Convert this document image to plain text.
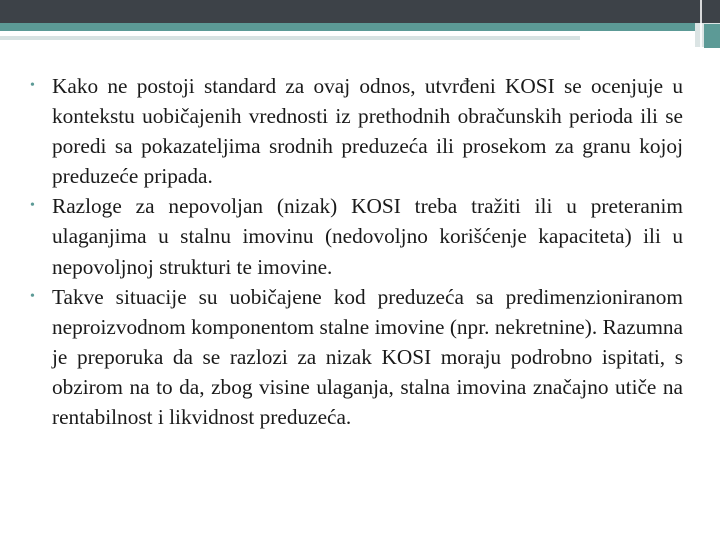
• Kako ne postoji standard za ovaj odnos, utvrđeni KOSI se ocenjuje u kontekstu uobičajenih vrednosti iz prethodnih obračunskih perioda ili se poredi sa pokazateljima srodnih preduzeća ili prosekom za granu kojoj preduzeće pripada.
• Razloge za nepovoljan (nizak) KOSI treba tražiti ili u preteranim ulaganjima u stalnu imovinu (nedovoljno korišćenje kapaciteta) ili u nepovoljnoj strukturi te imovine.
• Takve situacije su uobičajene kod preduzeća sa predimenzioniranom neproizvodnom komponentom stalne imovine (npr. nekretnine). Razumna je preporuka da se razlozi za nizak KOSI moraju podrobno ispitati, s obzirom na to da, zbog visine ulaganja, stalna imovina značajno utiče na rentabilnost i likvidnost preduzeća.
